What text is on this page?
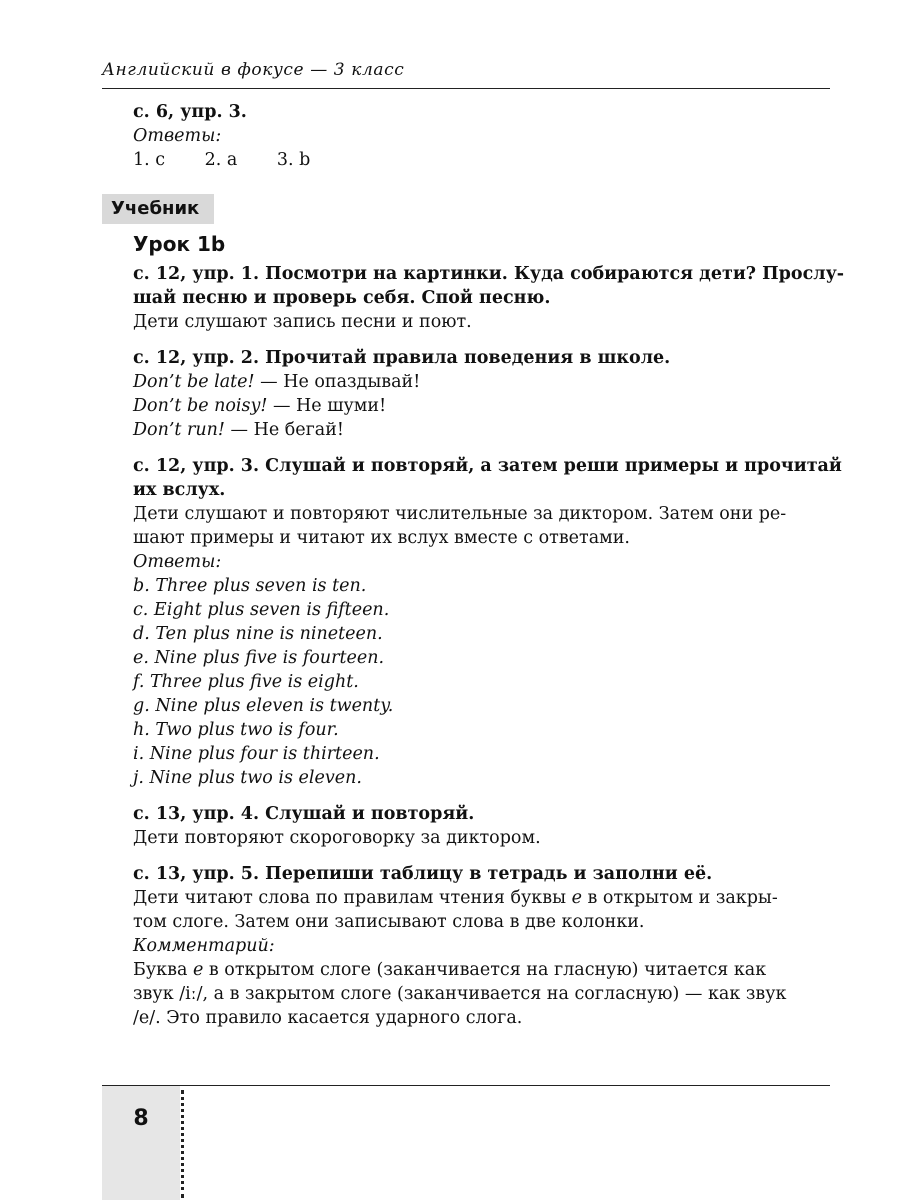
Английский в фокусе — 3 класс
Учебник
с. 6, упр. 3.
Ответы:
1. c 2. a 3. b
Урок 1b
с. 12, упр. 1. Посмотри на картинки. Куда собираются дети? Прослу-
шай песню и проверь себя. Спой песню.
Дети слушают запись песни и поют.
с. 12, упр. 2. Прочитай правила поведения в школе.
Don’t be late! — Не опаздывай!
Don’t be noisy! — Не шуми!
Don’t run! — Не бегай!
с. 12, упр. 3. Слушай и повторяй, а затем реши примеры и прочитай
их вслух.
Дети слушают и повторяют числительные за диктором. Затем они ре-
шают примеры и читают их вслух вместе с ответами.
Ответы:
b. Three plus seven is ten.
c. Eight plus seven is fifteen.
d. Ten plus nine is nineteen.
e. Nine plus five is fourteen.
f. Three plus five is eight.
g. Nine plus eleven is twenty.
h. Two plus two is four.
i. Nine plus four is thirteen.
j. Nine plus two is eleven.
с. 13, упр. 4. Слушай и повторяй.
Дети повторяют скороговорку за диктором.
с. 13, упр. 5. Перепиши таблицу в тетрадь и заполни её.
Дети читают слова по правилам чтения буквы e в открытом и закры-
том слоге. Затем они записывают слова в две колонки.
Комментарий:
Буква e в открытом слоге (заканчивается на гласную) читается как
звук /iː/, а в закрытом слоге (заканчивается на согласную) — как звук
/e/. Это правило касается ударного слога.
8
